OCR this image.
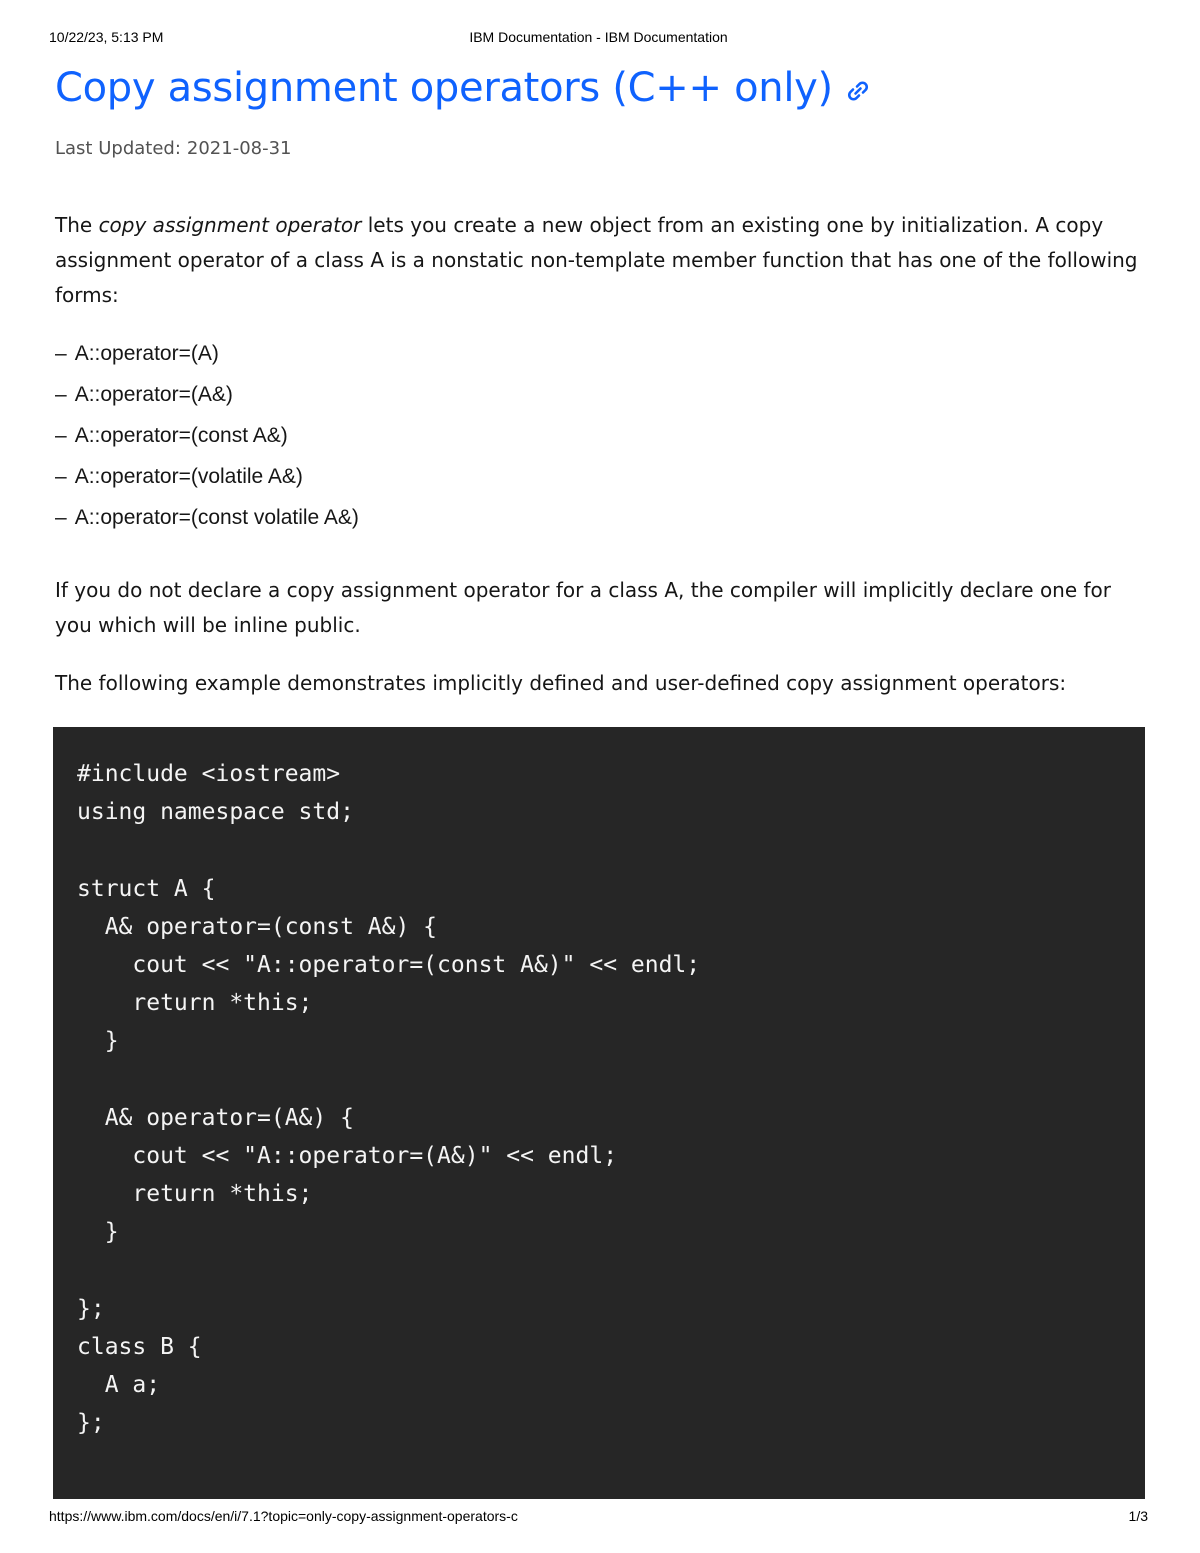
10/22/23, 5:13 PM	IBM Documentation - IBM Documentation
Copy assignment operators (C++ only)
Last Updated: 2021-08-31

The copy assignment operator lets you create a new object from an existing one by initialization. A copy assignment operator of a class A is a nonstatic non-template member function that has one of the following forms:

– A::operator=(A)
– A::operator=(A&)
– A::operator=(const A&)
– A::operator=(volatile A&)
– A::operator=(const volatile A&)

If you do not declare a copy assignment operator for a class A, the compiler will implicitly declare one for you which will be inline public.

The following example demonstrates implicitly defined and user-defined copy assignment operators:

#include <iostream>
using namespace std;

struct A {
A& operator=(const A&) {
cout << "A::operator=(const A&)" << endl;
return *this;
}

A& operator=(A&) {
cout << "A::operator=(A&)" << endl;
return *this;
}

};
class B {
A a;
};
https://www.ibm.com/docs/en/i/7.1?topic=only-copy-assignment-operators-c	1/3
